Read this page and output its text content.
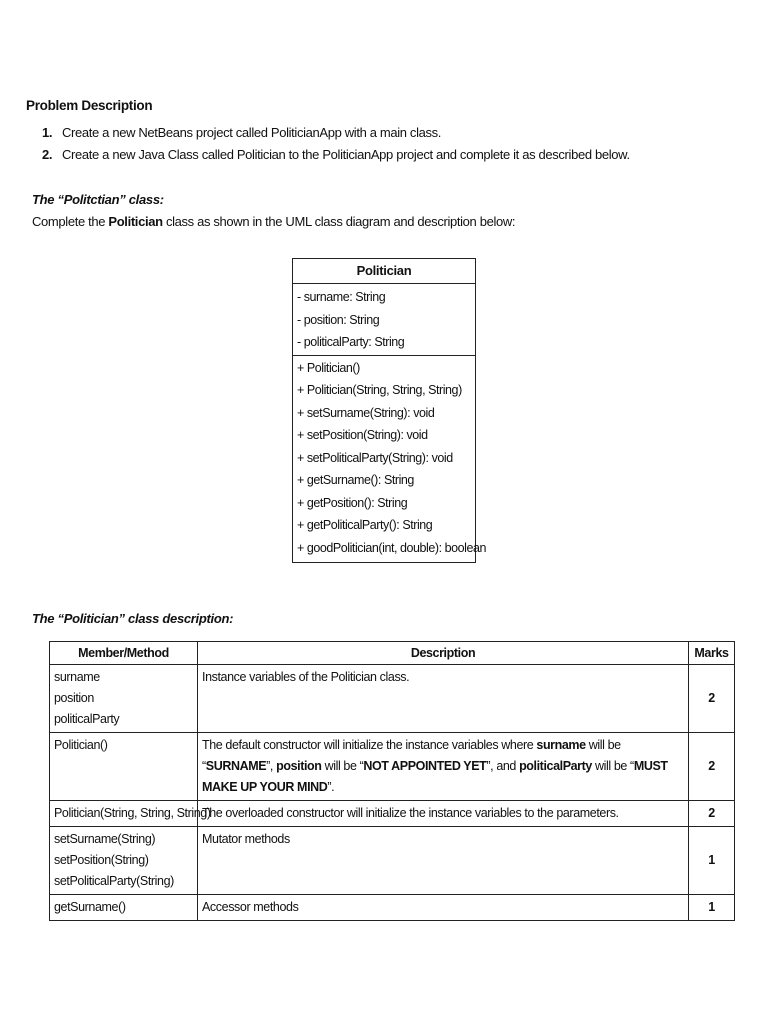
Problem Description
1. Create a new NetBeans project called PoliticianApp with a main class.
2. Create a new Java Class called Politician to the PoliticianApp project and complete it as described below.
The “Politctian” class:
Complete the Politician class as shown in the UML class diagram and description below:
Politician
- surname: String
- position: String
- politicalParty: String
+ Politician()
+ Politician(String, String, String)
+ setSurname(String): void
+ setPosition(String): void
+ setPoliticalParty(String): void
+ getSurname(): String
+ getPosition(): String
+ getPoliticalParty(): String
+ goodPolitician(int, double): boolean
The “Politician” class description:
Member/Method	Description	Marks

surname
position
politicalParty	Instance variables of the Politician class.	2

Politician()	The default constructor will initialize the instance variables where surname will be “SURNAME”, position will be “NOT APPOINTED YET”, and politicalParty will be “MUST MAKE UP YOUR MIND”.	2

Politician(String, String, String)	The overloaded constructor will initialize the instance variables to the parameters.	2

setSurname(String)
setPosition(String)
setPoliticalParty(String)	Mutator methods	1

getSurname()	Accessor methods	1
